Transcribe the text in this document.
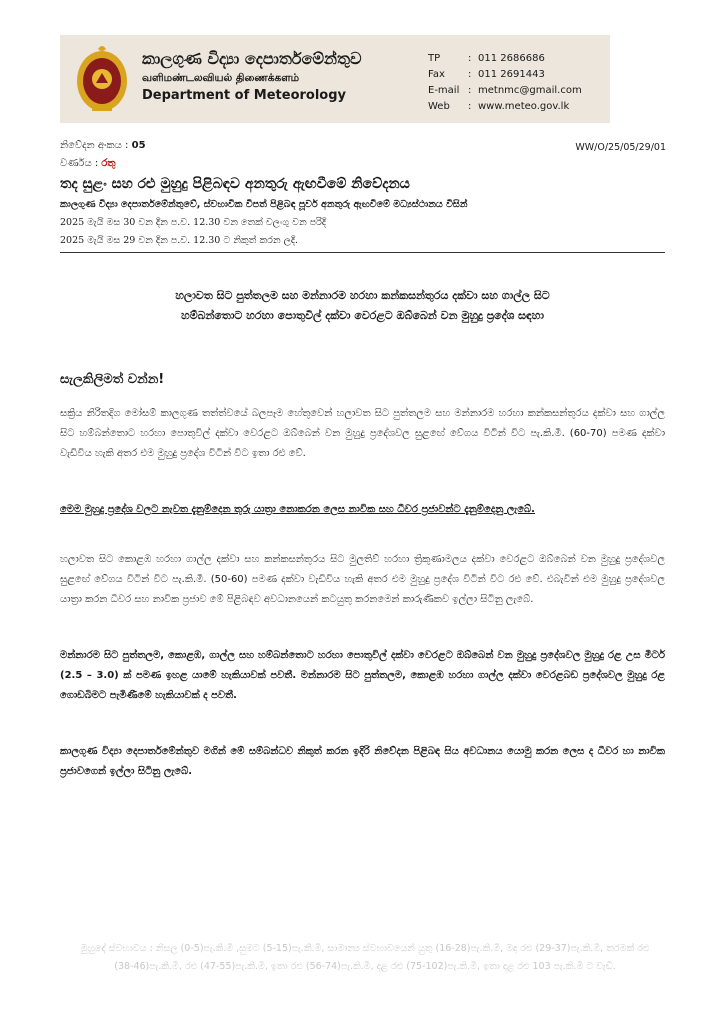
කාලගුණ විද්‍යා දෙපාර්තමේන්තුව
வளிமண்டலவியல் திணைக்களம்
Department of Meteorology
TP	: 011 2686686
Fax	: 011 2691443
E-mail : metnmc@gmail.com
Web	: www.meteo.gov.lk
නිවේදන අංකය : 05
වර්ණය : රතු
WW/O/25/05/29/01
තද සුළං සහ රළු මුහුදු පිළිබඳව අනතුරු ඇඟවීමේ නිවේදනය
කාලගුණ විද්‍යා දෙපාර්තමේන්තුවේ, ස්වභාවික විපත් පිළිබඳ පූර්ව අනතුරු ඇඟවීමේ මධ්‍යස්ථානය විසින්
2025 මැයි මස 30 වන දින ප.ව. 12.30 වන තෙක් වලංගු වන පරිදි
2025 මැයි මස 29 වන දින ප.ව. 12.30 ට නිකුත් කරන ලදි.
හලාවත සිට පුත්තලම සහ මන්නාරම හරහා කන්කසන්තුරය දක්වා සහ ගාල්ල සිට
හම්බන්තොට හරහා පොතුවිල් දක්වා වෙරළට ඔබ්බෙන් වන මුහුදු ප්‍රදේශ සඳහා
සැලකිලිමත් වන්න!
සක්‍රිය නිරිතදිග මෝසම් කාලගුණ තත්ත්වයේ බලපෑම හේතුවෙන් හලාවත සිට පුත්තලම සහ මන්නාරම හරහා කන්කසන්තුරය දක්වා සහ ගාල්ල සිට හම්බන්තොට හරහා පොතුවිල් දක්වා වෙරළට ඔබ්බෙන් වන මුහුදු ප්‍රදේශවල සුළඟේ වේගය විටින් විට පැ.කි.මී. (60-70) පමණ දක්වා වැඩිවිය හැකි අතර එම මුහුදු ප්‍රදේශ විටින් විට ඉතා රළු වේ.
මෙම මුහුදු ප්‍රදේශ වලට නැවත දැනුම්දෙන තුරු යාත්‍රා නොකරන ලෙස නාවික සහ ධීවර ප්‍රජාවන්ට දැනුම්දෙනු ලැබේ.
හලාවත සිට කොළඹ හරහා ගාල්ල දක්වා සහ කන්කසන්තුරය සිට මුලතිව් හරහා ත්‍රිකුණාමලය දක්වා වෙරළට ඔබ්බෙන් වන මුහුදු ප්‍රදේශවල සුළඟේ වේගය විටින් විට පැ.කි.මී. (50-60) පමණ දක්වා වැඩිවිය හැකි අතර එම මුහුදු ප්‍රදේශ විටින් විට රළු වේ. එබැවින් එම මුහුදු ප්‍රදේශවල යාත්‍රා කරන ධීවර සහ නාවික ප්‍රජාව මේ පිළිබඳව අවධානයෙන් කටයුතු කරනමෙන් කාරුණිකව ඉල්ලා සිටිනු ලැබේ.
මන්නාරම සිට පුත්තලම, කොළඹ, ගාල්ල සහ හම්බන්තොට හරහා පොතුවිල් දක්වා වෙරළට ඔබ්බෙන් වන මුහුදු ප්‍රදේශවල මුහුදු රළ උස මීටර් (2.5 – 3.0) ක් පමණ ඉහළ යාමේ හැකියාවක් පවතී. මන්නාරම සිට පුත්තලම, කොළඹ හරහා ගාල්ල දක්වා වෙරළබඩ ප්‍රදේශවල මුහුදු රළ ගොඩබිමට පැමිණීමේ හැකියාවක් ද පවතී.
කාලගුණ විද්‍යා දෙපාර්තමේන්තුව මගින් මේ සම්බන්ධව නිකුත් කරන ඉදිරි නිවේදන පිළිබඳ සිය අවධානය යොමු කරන ලෙස ද ධීවර හා නාවික ප්‍රජාවගෙන් ඉල්ලා සිටිනු ලැබේ.
මුහුදේ ස්වභාවය : නිසල (0-5)පැ.කි.මී ,සුමට (5-15)පැ.කි.මී, සාමාන්‍ය ස්වභාවයෙන් යුතු (16-28)පැ.කි.මී, මද රළු (29-37)පැ.කි.මී, තරමක් රළු (38-46)පැ.කි.මී, රළු (47-55)පැ.කි.මී, ඉතා රළු (56-74)පැ.කි.මී, දළ රළු (75-102)පැ.කි.මී, ඉතා දළ රළු 103 පැ.කි.මී ට වැඩි.
